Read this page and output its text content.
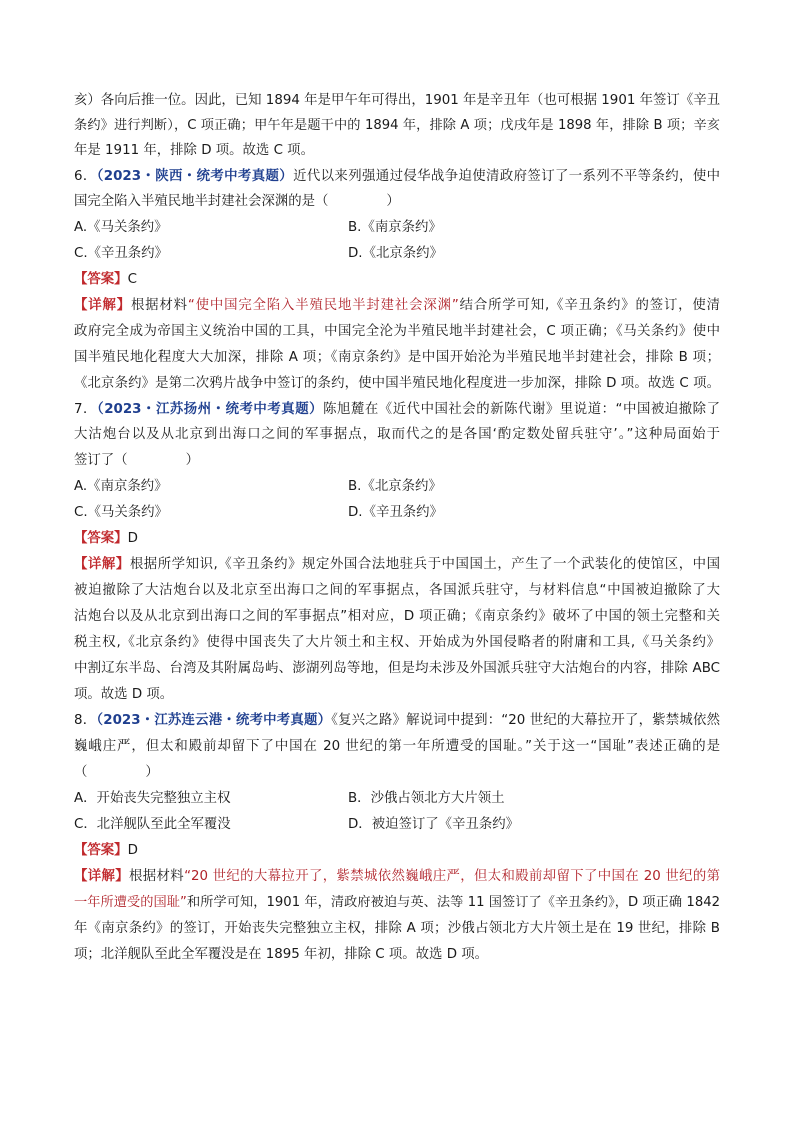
亥）各向后推一位。因此，已知 1894 年是甲午年可得出，1901 年是辛丑年（也可根据 1901 年签订《辛丑
条约》进行判断），C 项正确；甲午年是题干中的 1894 年，排除 A 项；戊戌年是 1898 年，排除 B 项；辛亥
年是 1911 年，排除 D 项。故选 C 项。
6．（2023・陕西・统考中考真题）近代以来列强通过侵华战争迫使清政府签订了一系列不平等条约，使中
国完全陷入半殖民地半封建社会深渊的是（	）
A.《马关条约》	B.《南京条约》
C.《辛丑条约》	D.《北京条约》
【答案】C
【详解】根据材料“使中国完全陷入半殖民地半封建社会深渊”结合所学可知,《辛丑条约》的签订，使清
政府完全成为帝国主义统治中国的工具，中国完全沦为半殖民地半封建社会，C 项正确；《马关条约》使中
国半殖民地化程度大大加深，排除 A 项；《南京条约》是中国开始沦为半殖民地半封建社会，排除 B 项；
《北京条约》是第二次鸦片战争中签订的条约，使中国半殖民地化程度进一步加深，排除 D 项。故选 C 项。
7．（2023・江苏扬州・统考中考真题）陈旭麓在《近代中国社会的新陈代谢》里说道：“中国被迫撤除了
大沽炮台以及从北京到出海口之间的军事据点，取而代之的是各国‘酌定数处留兵驻守’。”这种局面始于
签订了（	）
A.《南京条约》	B.《北京条约》
C.《马关条约》	D.《辛丑条约》
【答案】D
【详解】根据所学知识,《辛丑条约》规定外国合法地驻兵于中国国土，产生了一个武装化的使馆区，中国
被迫撤除了大沽炮台以及北京至出海口之间的军事据点，各国派兵驻守，与材料信息“中国被迫撤除了大
沽炮台以及从北京到出海口之间的军事据点”相对应，D 项正确；《南京条约》破坏了中国的领土完整和关
税主权,《北京条约》使得中国丧失了大片领土和主权、开始成为外国侵略者的附庸和工具,《马关条约》
中割辽东半岛、台湾及其附属岛屿、澎湖列岛等地，但是均未涉及外国派兵驻守大沽炮台的内容，排除 ABC
项。故选 D 项。
8．（2023・江苏连云港・统考中考真题）《复兴之路》解说词中提到：“20 世纪的大幕拉开了，紫禁城依然
巍峨庄严，但太和殿前却留下了中国在 20 世纪的第一年所遭受的国耻。”关于这一“国耻”表述正确的是
（	）
A．开始丧失完整独立主权	B．沙俄占领北方大片领土
C．北洋舰队至此全军覆没	D．被迫签订了《辛丑条约》
【答案】D
【详解】根据材料“20 世纪的大幕拉开了，紫禁城依然巍峨庄严，但太和殿前却留下了中国在 20 世纪的第
一年所遭受的国耻”和所学可知，1901 年，清政府被迫与英、法等 11 国签订了《辛丑条约》，D 项正确 1842
年《南京条约》的签订，开始丧失完整独立主权，排除 A 项；沙俄占领北方大片领土是在 19 世纪，排除 B
项；北洋舰队至此全军覆没是在 1895 年初，排除 C 项。故选 D 项。
